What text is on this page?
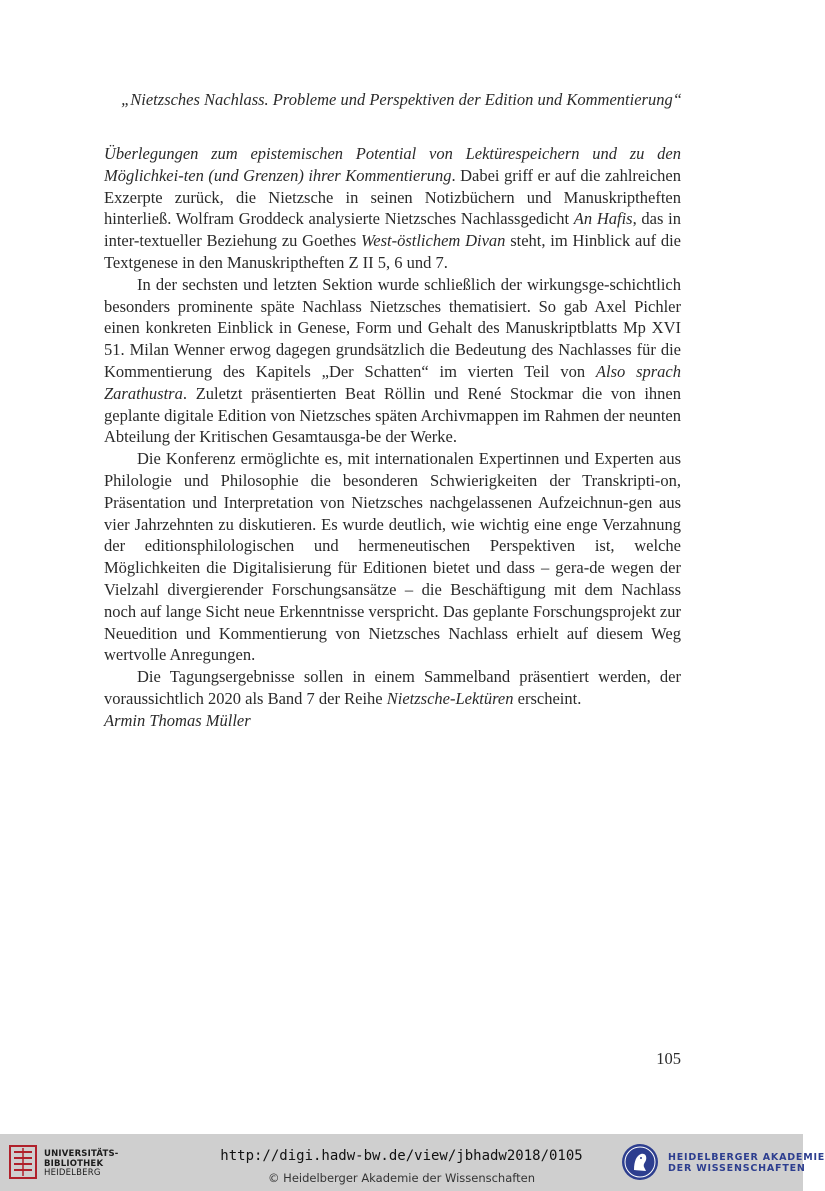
„Nietzsches Nachlass. Probleme und Perspektiven der Edition und Kommentierung“

Überlegungen zum epistemischen Potential von Lektürespeichern und zu den Möglichkei-ten (und Grenzen) ihrer Kommentierung. Dabei griff er auf die zahlreichen Exzerpte zurück, die Nietzsche in seinen Notizbüchern und Manuskriptheften hinterließ. Wolfram Groddeck analysierte Nietzsches Nachlassgedicht An Hafis, das in inter-textueller Beziehung zu Goethes West-östlichem Divan steht, im Hinblick auf die Textgenese in den Manuskriptheften Z II 5, 6 und 7.

In der sechsten und letzten Sektion wurde schließlich der wirkungsge-schichtlich besonders prominente späte Nachlass Nietzsches thematisiert. So gab Axel Pichler einen konkreten Einblick in Genese, Form und Gehalt des Manuskriptblatts Mp XVI 51. Milan Wenner erwog dagegen grundsätzlich die Bedeutung des Nachlasses für die Kommentierung des Kapitels „Der Schatten“ im vierten Teil von Also sprach Zarathustra. Zuletzt präsentierten Beat Röllin und René Stockmar die von ihnen geplante digitale Edition von Nietzsches späten Archivmappen im Rahmen der neunten Abteilung der Kritischen Gesamtausga-be der Werke.

Die Konferenz ermöglichte es, mit internationalen Expertinnen und Experten aus Philologie und Philosophie die besonderen Schwierigkeiten der Transkripti-on, Präsentation und Interpretation von Nietzsches nachgelassenen Aufzeichnun-gen aus vier Jahrzehnten zu diskutieren. Es wurde deutlich, wie wichtig eine enge Verzahnung der editionsphilologischen und hermeneutischen Perspektiven ist, welche Möglichkeiten die Digitalisierung für Editionen bietet und dass – gera-de wegen der Vielzahl divergierender Forschungsansätze – die Beschäftigung mit dem Nachlass noch auf lange Sicht neue Erkenntnisse verspricht. Das geplante Forschungsprojekt zur Neuedition und Kommentierung von Nietzsches Nachlass erhielt auf diesem Weg wertvolle Anregungen.

Die Tagungsergebnisse sollen in einem Sammelband präsentiert werden, der voraussichtlich 2020 als Band 7 der Reihe Nietzsche-Lektüren erscheint.

Armin Thomas Müller

105
UNIVERSITÄTS-
BIBLIOTHEK
HEIDELBERG
http://digi.hadw-bw.de/view/jbhadw2018/0105
© Heidelberger Akademie der Wissenschaften
HEIDELBERGER AKADEMIE
DER WISSENSCHAFTEN
